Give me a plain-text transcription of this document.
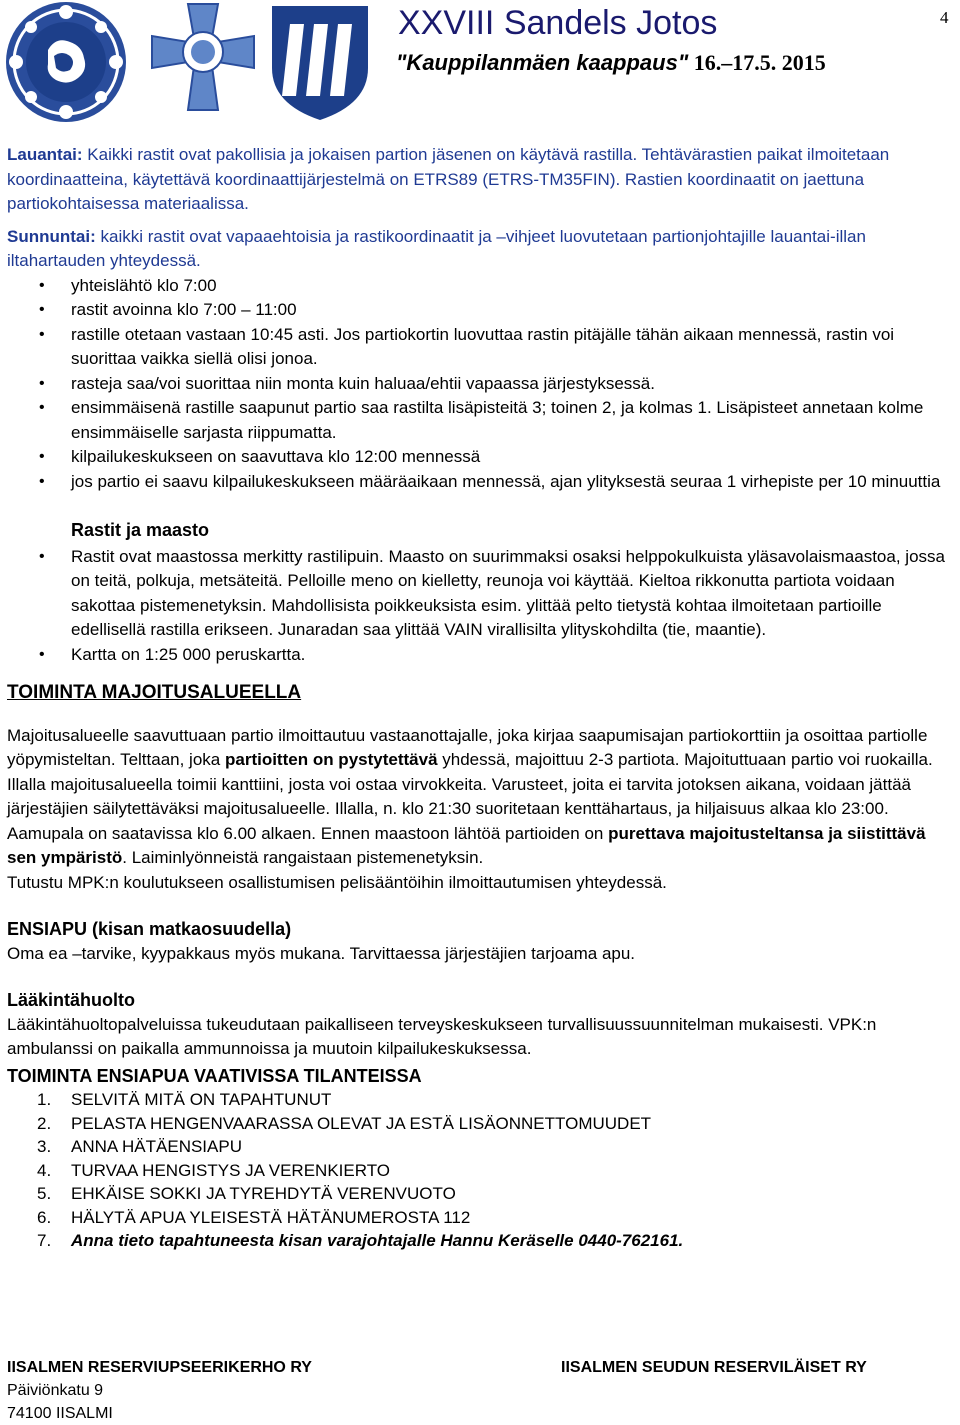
4
XXVIII Sandels Jotos
"Kauppilanmäen kaappaus" 16.–17.5. 2015

Lauantai: Kaikki rastit ovat pakollisia ja jokaisen partion jäsenen on käytävä rastilla. Tehtävärastien paikat ilmoitetaan koordinaatteina, käytettävä koordinaattijärjestelmä on ETRS89 (ETRS-TM35FIN). Rastien koordinaatit on jaettuna partiokohtaisessa materiaalissa.

Sunnuntai: kaikki rastit ovat vapaaehtoisia ja rastikoordinaatit ja –vihjeet luovutetaan partionjohtajille lauantai-illan iltahartauden yhteydessä.

• yhteislähtö klo 7:00
• rastit avoinna klo 7:00 – 11:00
• rastille otetaan vastaan 10:45 asti. Jos partiokortin luovuttaa rastin pitäjälle tähän aikaan mennessä, rastin voi suorittaa vaikka siellä olisi jonoa.
• rasteja saa/voi suorittaa niin monta kuin haluaa/ehtii vapaassa järjestyksessä.
• ensimmäisenä rastille saapunut partio saa rastilta lisäpisteitä 3; toinen 2, ja kolmas 1. Lisäpisteet annetaan kolme ensimmäiselle sarjasta riippumatta.
• kilpailukeskukseen on saavuttava klo 12:00 mennessä
• jos partio ei saavu kilpailukeskukseen määräaikaan mennessä, ajan ylityksestä seuraa 1 virhepiste per 10 minuuttia
Rastit ja maasto
• Rastit ovat maastossa merkitty rastilipuin. Maasto on suurimmaksi osaksi helppokulkuista yläsavolaismaastoa, jossa on teitä, polkuja, metsäteitä. Pelloille meno on kielletty, reunoja voi käyttää. Kieltoa rikkonutta partiota voidaan sakottaa pistemenetyksin. Mahdollisista poikkeuksista esim. ylittää pelto tietystä kohtaa ilmoitetaan partioille edellisellä rastilla erikseen. Junaradan saa ylittää VAIN virallisilta ylityskohdilta (tie, maantie).
• Kartta on 1:25 000 peruskartta.
TOIMINTA MAJOITUSALUEELLA

Majoitusalueelle saavuttuaan partio ilmoittautuu vastaanottajalle, joka kirjaa saapumisajan partiokorttiin ja osoittaa partiolle yöpymisteltan. Telttaan, joka partioitten on pystytettävä yhdessä, majoittuu 2-3 partiota. Majoituttuaan partio voi ruokailla. Illalla majoitusalueella toimii kanttiini, josta voi ostaa virvokkeita. Varusteet, joita ei tarvita jotoksen aikana, voidaan jättää järjestäjien säilytettäväksi majoitusalueelle. Illalla, n. klo 21:30 suoritetaan kenttähartaus, ja hiljaisuus alkaa klo 23:00. Aamupala on saatavissa klo 6.00 alkaen. Ennen maastoon lähtöä partioiden on purettava majoitusteltansa ja siistittävä sen ympäristö. Laiminlyönneistä rangaistaan pistemenetyksin.

Tutustu MPK:n koulutukseen osallistumisen pelisääntöihin ilmoittautumisen yhteydessä.

ENSIAPU (kisan matkaosuudella)

Oma ea –tarvike, kyypakkaus myös mukana. Tarvittaessa järjestäjien tarjoama apu.

Lääkintähuolto

Lääkintähuoltopalveluissa tukeudutaan paikalliseen terveyskeskukseen turvallisuussuunnitelman mukaisesti. VPK:n ambulanssi on paikalla ammunnoissa ja muutoin kilpailukeskuksessa.

TOIMINTA ENSIAPUA VAATIVISSA TILANTEISSA
1. SELVITÄ MITÄ ON TAPAHTUNUT
2. PELASTA HENGENVAARASSA OLEVAT JA ESTÄ LISÄONNETTOMUUDET
3. ANNA HÄTÄENSIAPU
4. TURVAA HENGISTYS JA VERENKIERTO
5. EHKÄISE SOKKI JA TYREHDYTÄ VERENVUOTO
6. HÄLYTÄ APUA YLEISESTÄ HÄTÄNUMEROSTA 112
7. Anna tieto tapahtuneesta kisan varajohtajalle Hannu Keräselle 0440-762161.
IISALMEN RESERVIUPSEERIKERHO RY
Päiviönkatu 9
74100 IISALMI
IISALMEN SEUDUN RESERVILÄISET RY
